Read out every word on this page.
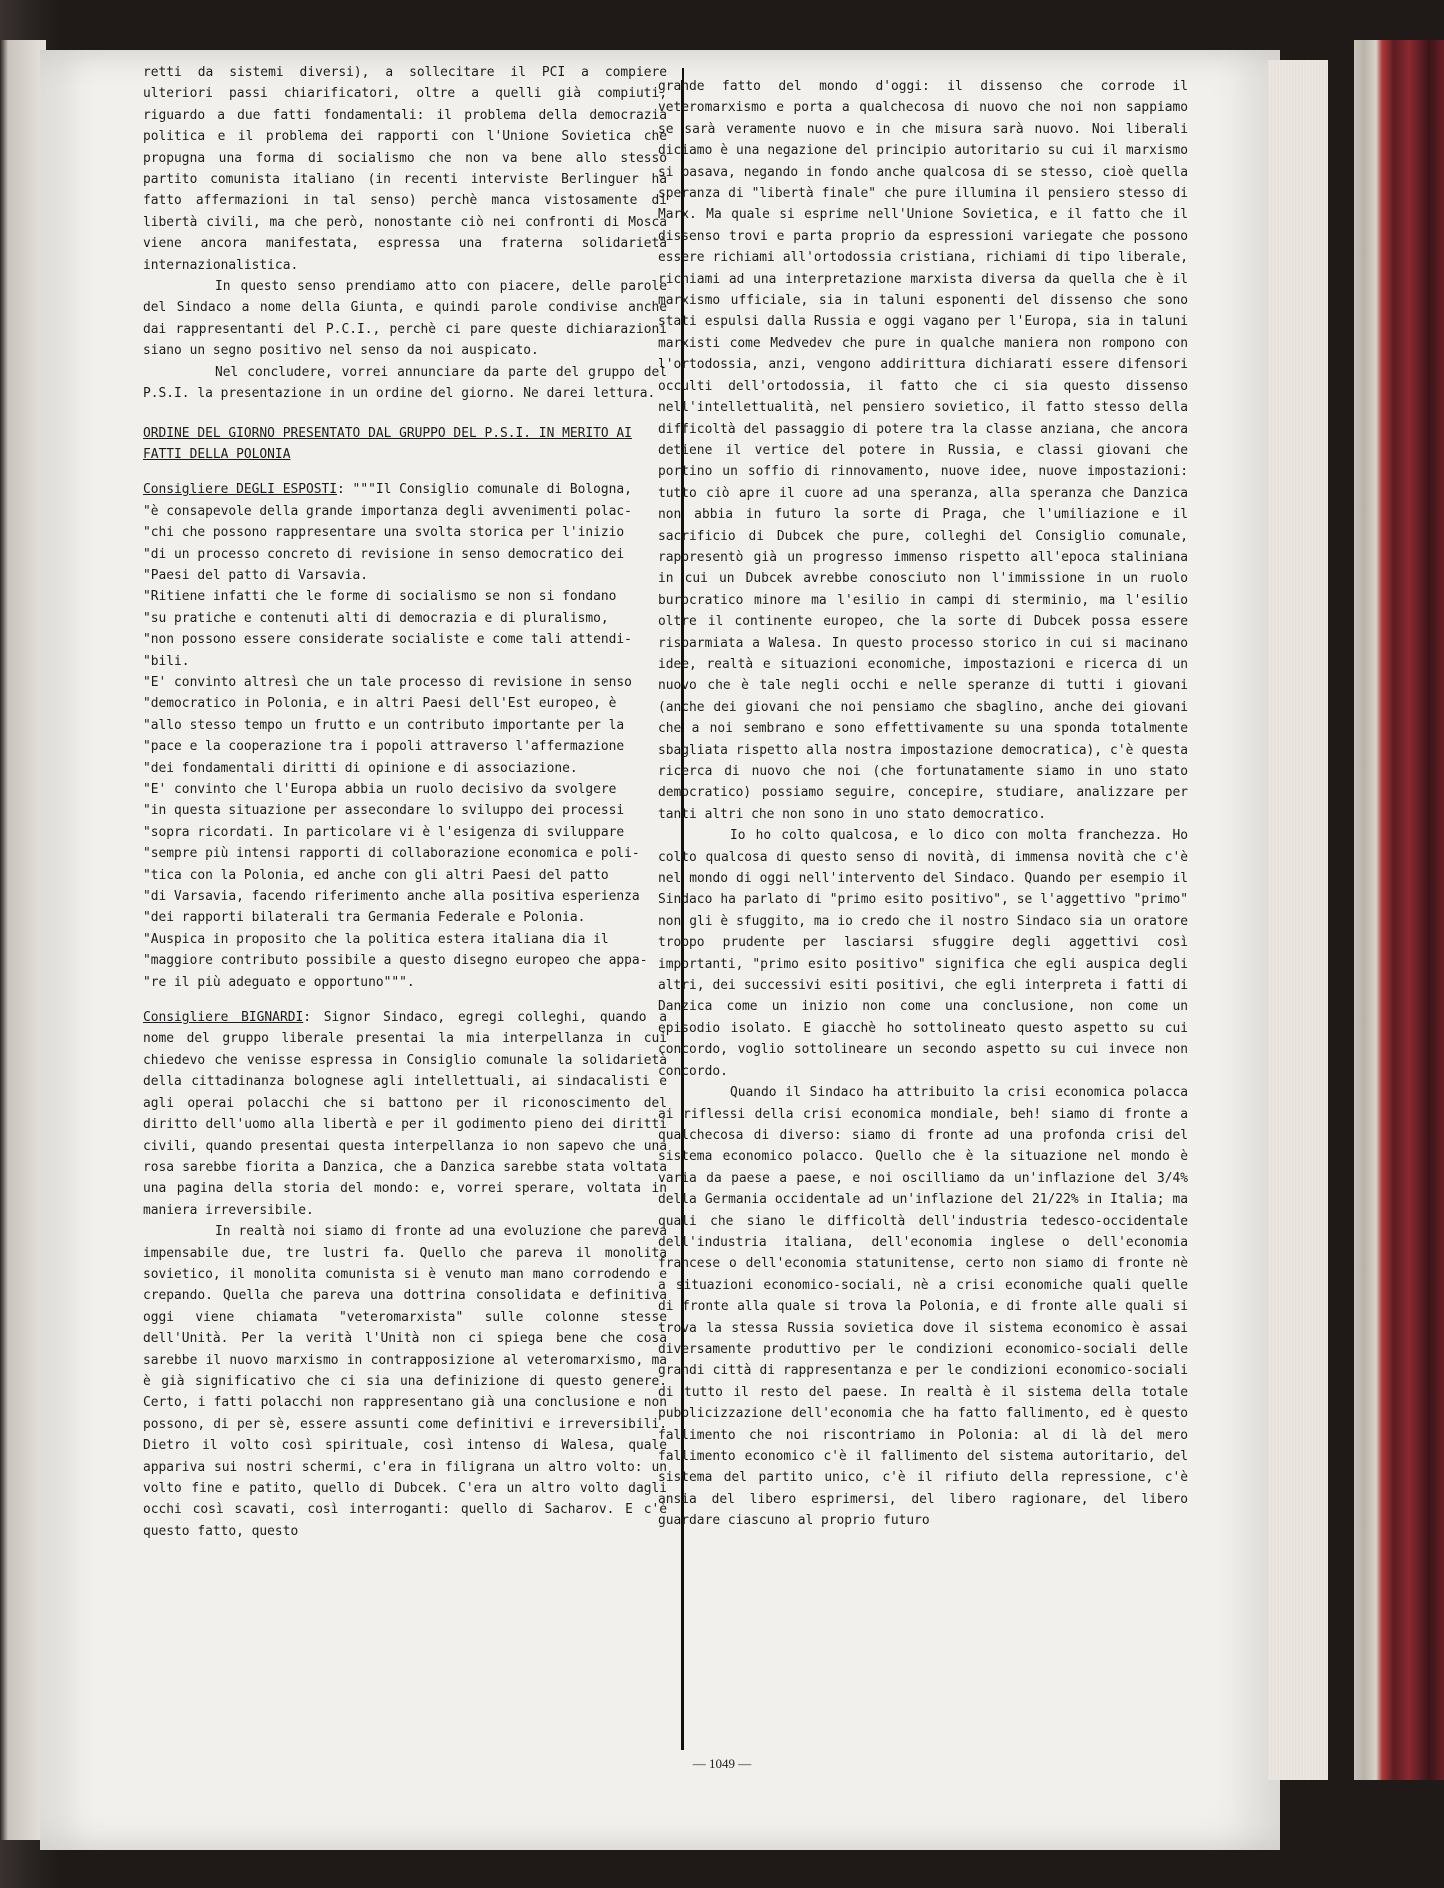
retti da sistemi diversi), a sollecitare il PCI a compiere ulteriori passi chiarificatori, oltre a quelli già compiuti, riguardo a due fatti fondamentali: il problema della democrazia politica e il problema dei rapporti con l'Unione Sovietica che propugna una forma di socialismo che non va bene allo stesso partito comunista italiano (in recenti interviste Berlinguer ha fatto affermazioni in tal senso) perchè manca vistosamente di libertà civili, ma che però, nonostante ciò nei confronti di Mosca viene ancora manifestata, espressa una fraterna solidarietà internazionalistica.

In questo senso prendiamo atto con piacere, delle parole del Sindaco a nome della Giunta, e quindi parole condivise anche dai rappresentanti del P.C.I., perchè ci pare queste dichiarazioni siano un segno positivo nel senso da noi auspicato.

Nel concludere, vorrei annunciare da parte del gruppo del P.S.I. la presentazione in un ordine del giorno. Ne darei lettura.

ORDINE DEL GIORNO PRESENTATO DAL GRUPPO DEL P.S.I. IN MERITO AI FATTI DELLA POLONIA

Consigliere DEGLI ESPOSTI: """Il Consiglio comunale di Bologna,

"è consapevole della grande importanza degli avvenimenti polac-

"chi che possono rappresentare una svolta storica per l'inizio

"di un processo concreto di revisione in senso democratico dei

"Paesi del patto di Varsavia.

"Ritiene infatti che le forme di socialismo se non si fondano

"su pratiche e contenuti alti di democrazia e di pluralismo,

"non possono essere considerate socialiste e come tali attendi-

"bili.

"E' convinto altresì che un tale processo di revisione in senso

"democratico in Polonia, e in altri Paesi dell'Est europeo, è

"allo stesso tempo un frutto e un contributo importante per la

"pace e la cooperazione tra i popoli attraverso l'affermazione

"dei fondamentali diritti di opinione e di associazione.

"E' convinto che l'Europa abbia un ruolo decisivo da svolgere

"in questa situazione per assecondare lo sviluppo dei processi

"sopra ricordati. In particolare vi è l'esigenza di sviluppare

"sempre più intensi rapporti di collaborazione economica e poli-

"tica con la Polonia, ed anche con gli altri Paesi del patto

"di Varsavia, facendo riferimento anche alla positiva esperienza

"dei rapporti bilaterali tra Germania Federale e Polonia.

"Auspica in proposito che la politica estera italiana dia il

"maggiore contributo possibile a questo disegno europeo che appa-

"re il più adeguato e opportuno""".

Consigliere BIGNARDI: Signor Sindaco, egregi colleghi, quando a nome del gruppo liberale presentai la mia interpellanza in cui chiedevo che venisse espressa in Consiglio comunale la solidarietà della cittadinanza bolognese agli intellettuali, ai sindacalisti e agli operai polacchi che si battono per il riconoscimento del diritto dell'uomo alla libertà e per il godimento pieno dei diritti civili, quando presentai questa interpellanza io non sapevo che una rosa sarebbe fiorita a Danzica, che a Danzica sarebbe stata voltata una pagina della storia del mondo: e, vorrei sperare, voltata in maniera irreversibile.

In realtà noi siamo di fronte ad una evoluzione che pareva impensabile due, tre lustri fa. Quello che pareva il monolita sovietico, il monolita comunista si è venuto man mano corrodendo e crepando. Quella che pareva una dottrina consolidata e definitiva oggi viene chiamata "veteromarxista" sulle colonne stesse dell'Unità. Per la verità l'Unità non ci spiega bene che cosa sarebbe il nuovo marxismo in contrapposizione al veteromarxismo, ma è già significativo che ci sia una definizione di questo genere. Certo, i fatti polacchi non rappresentano già una conclusione e non possono, di per sè, essere assunti come definitivi e irreversibili. Dietro il volto così spirituale, così intenso di Walesa, quale appariva sui nostri schermi, c'era in filigrana un altro volto: un volto fine e patito, quello di Dubcek. C'era un altro volto dagli occhi così scavati, così interroganti: quello di Sacharov. E c'è questo fatto, questo

grande fatto del mondo d'oggi: il dissenso che corrode il veteromarxismo e porta a qualchecosa di nuovo che noi non sappiamo se sarà veramente nuovo e in che misura sarà nuovo. Noi liberali diciamo è una negazione del principio autoritario su cui il marxismo si basava, negando in fondo anche qualcosa di se stesso, cioè quella speranza di "libertà finale" che pure illumina il pensiero stesso di Marx. Ma quale si esprime nell'Unione Sovietica, e il fatto che il dissenso trovi e parta proprio da espressioni variegate che possono essere richiami all'ortodossia cristiana, richiami di tipo liberale, richiami ad una interpretazione marxista diversa da quella che è il marxismo ufficiale, sia in taluni esponenti del dissenso che sono stati espulsi dalla Russia e oggi vagano per l'Europa, sia in taluni marxisti come Medvedev che pure in qualche maniera non rompono con l'ortodossia, anzi, vengono addirittura dichiarati essere difensori occulti dell'ortodossia, il fatto che ci sia questo dissenso nell'intellettualità, nel pensiero sovietico, il fatto stesso della difficoltà del passaggio di potere tra la classe anziana, che ancora detiene il vertice del potere in Russia, e classi giovani che portino un soffio di rinnovamento, nuove idee, nuove impostazioni: tutto ciò apre il cuore ad una speranza, alla speranza che Danzica non abbia in futuro la sorte di Praga, che l'umiliazione e il sacrificio di Dubcek che pure, colleghi del Consiglio comunale, rappresentò già un progresso immenso rispetto all'epoca staliniana in cui un Dubcek avrebbe conosciuto non l'immissione in un ruolo burocratico minore ma l'esilio in campi di sterminio, ma l'esilio oltre il continente europeo, che la sorte di Dubcek possa essere risparmiata a Walesa. In questo processo storico in cui si macinano idee, realtà e situazioni economiche, impostazioni e ricerca di un nuovo che è tale negli occhi e nelle speranze di tutti i giovani (anche dei giovani che noi pensiamo che sbaglino, anche dei giovani che a noi sembrano e sono effettivamente su una sponda totalmente sbagliata rispetto alla nostra impostazione democratica), c'è questa ricerca di nuovo che noi (che fortunatamente siamo in uno stato democratico) possiamo seguire, concepire, studiare, analizzare per tanti altri che non sono in uno stato democratico.

Io ho colto qualcosa, e lo dico con molta franchezza. Ho colto qualcosa di questo senso di novità, di immensa novità che c'è nel mondo di oggi nell'intervento del Sindaco. Quando per esempio il Sindaco ha parlato di "primo esito positivo", se l'aggettivo "primo" non gli è sfuggito, ma io credo che il nostro Sindaco sia un oratore troppo prudente per lasciarsi sfuggire degli aggettivi così importanti, "primo esito positivo" significa che egli auspica degli altri, dei successivi esiti positivi, che egli interpreta i fatti di Danzica come un inizio non come una conclusione, non come un episodio isolato. E giacchè ho sottolineato questo aspetto su cui concordo, voglio sottolineare un secondo aspetto su cui invece non concordo.

Quando il Sindaco ha attribuito la crisi economica polacca ai riflessi della crisi economica mondiale, beh! siamo di fronte a qualchecosa di diverso: siamo di fronte ad una profonda crisi del sistema economico polacco. Quello che è la situazione nel mondo è varia da paese a paese, e noi oscilliamo da un'inflazione del 3/4% della Germania occidentale ad un'inflazione del 21/22% in Italia; ma quali che siano le difficoltà dell'industria tedesco-occidentale dell'industria italiana, dell'economia inglese o dell'economia francese o dell'economia statunitense, certo non siamo di fronte nè a situazioni economico-sociali, nè a crisi economiche quali quelle di fronte alla quale si trova la Polonia, e di fronte alle quali si trova la stessa Russia sovietica dove il sistema economico è assai diversamente produttivo per le condizioni economico-sociali delle grandi città di rappresentanza e per le condizioni economico-sociali di tutto il resto del paese. In realtà è il sistema della totale pubblicizzazione dell'economia che ha fatto fallimento, ed è questo fallimento che noi riscontriamo in Polonia: al di là del mero fallimento economico c'è il fallimento del sistema autoritario, del sistema del partito unico, c'è il rifiuto della repressione, c'è ansia del libero esprimersi, del libero ragionare, del libero guardare ciascuno al proprio futuro

— 1049 —
